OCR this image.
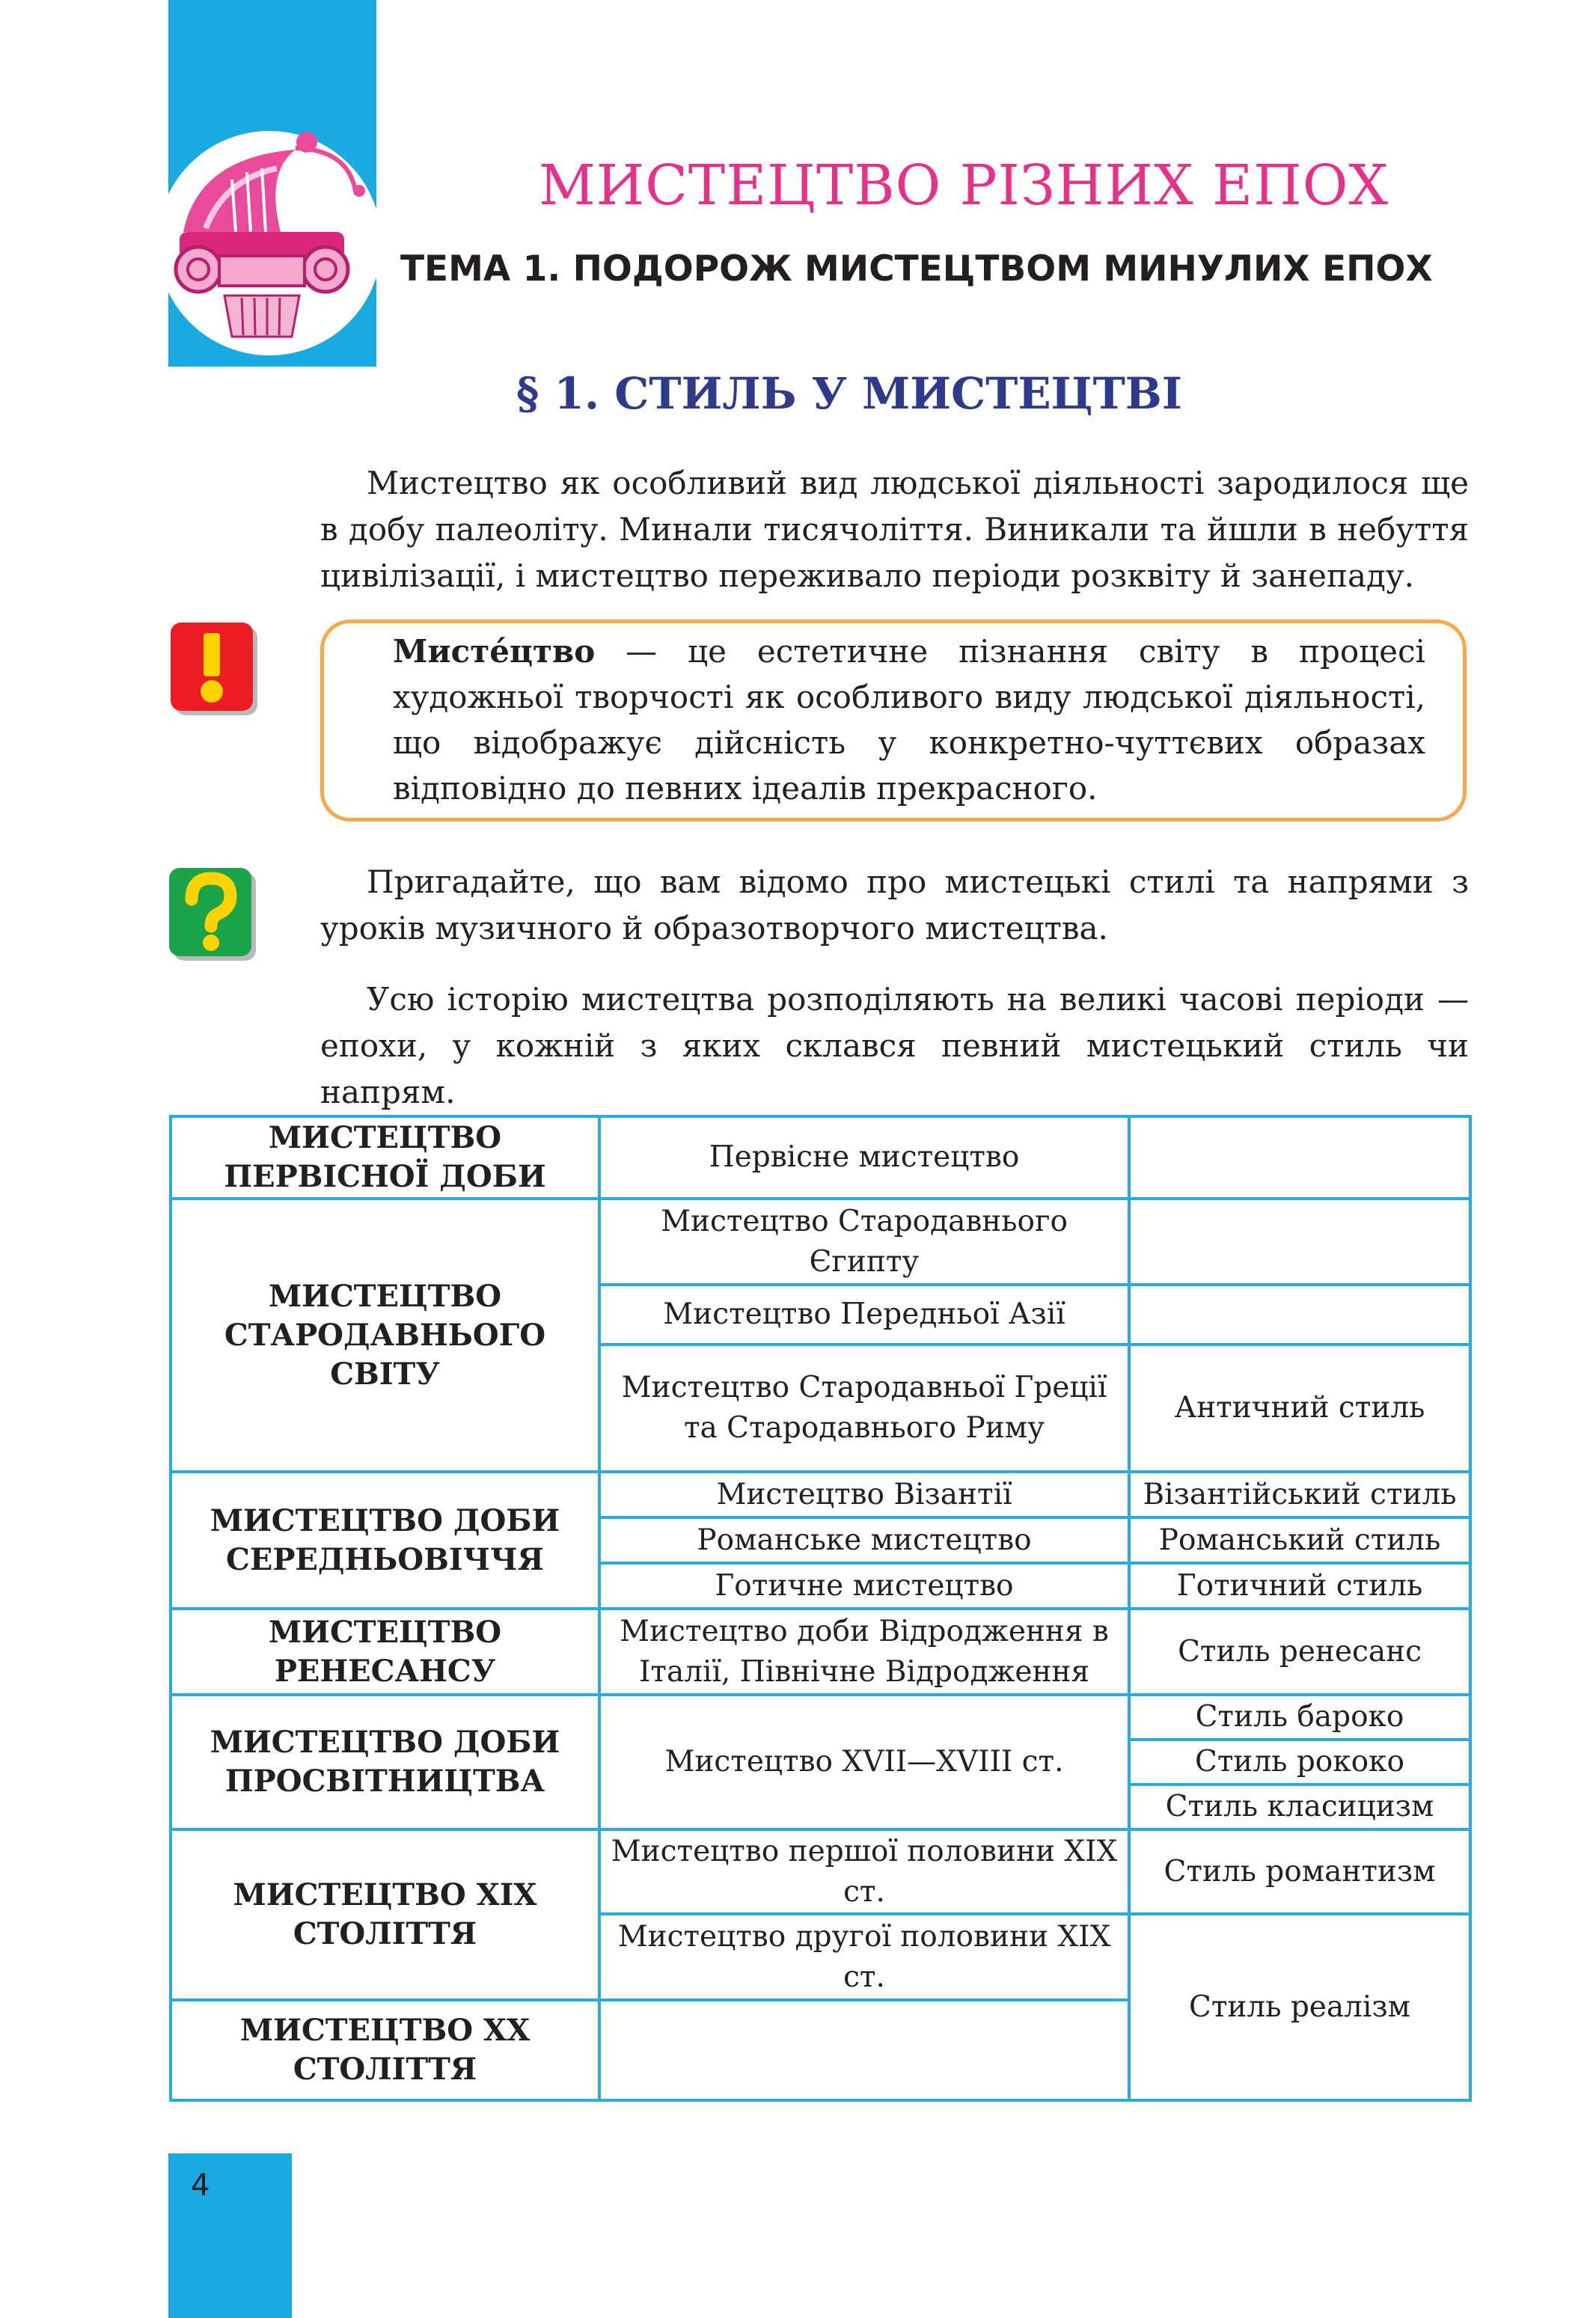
МИСТЕЦТВО РІЗНИХ ЕПОХ
ТЕМА 1. ПОДОРОЖ МИСТЕЦТВОМ МИНУЛИХ ЕПОХ
§ 1. СТИЛЬ У МИСТЕЦТВІ
Мистецтво як особливий вид людської діяльності зародилося ще в добу палеоліту. Минали тисячоліття. Виникали та йшли в небуття цивілізації, і мистецтво переживало періоди розквіту й занепаду.
Мисте́цтво — це естетичне пізнання світу в процесі художньої творчості як особливого виду людської діяльності, що відображує дійсність у конкретно-чуттєвих образах відповідно до певних ідеалів прекрасного.
Пригадайте, що вам відомо про мистецькі стилі та напрями з уроків музичного й образотворчого мистецтва.
Усю історію мистецтва розподіляють на великі часові періоди — епохи, у кожній з яких склався певний мистецький стиль чи напрям.
МИСТЕЦТВО ПЕРВІСНОЇ ДОБИ	Первісне мистецтво	
МИСТЕЦТВО СТАРОДАВНЬОГО СВІТУ	Мистецтво Стародавнього Єгипту	
	Мистецтво Передньої Азії	
	Мистецтво Стародавньої Греції та Стародавнього Риму	Античний стиль
МИСТЕЦТВО ДОБИ СЕРЕДНЬОВІЧЧЯ	Мистецтво Візантії	Візантійський стиль
	Романське мистецтво	Романський стиль
	Готичне мистецтво	Готичний стиль
МИСТЕЦТВО РЕНЕСАНСУ	Мистецтво доби Відродження в Італії, Північне Відродження	Стиль ренесанс
МИСТЕЦТВО ДОБИ ПРОСВІТНИЦТВА	Мистецтво XVII—XVIII ст.	Стиль бароко
		Стиль рококо
		Стиль класицизм
МИСТЕЦТВО XIX СТОЛІТТЯ	Мистецтво першої половини XIX ст.	Стиль романтизм
	Мистецтво другої половини XIX ст.	Стиль реалізм
МИСТЕЦТВО XX СТОЛІТТЯ		
4
